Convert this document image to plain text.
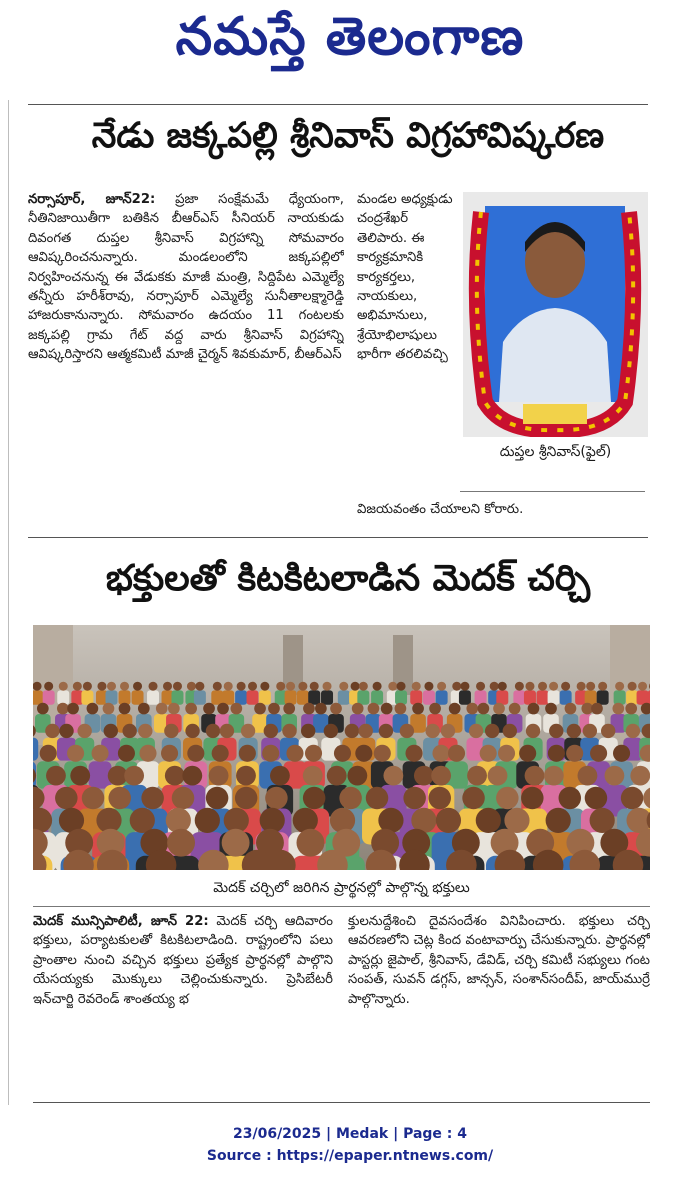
నమస్తే తెలంగాణ
నేడు జక్కపల్లి శ్రీనివాస్ విగ్రహావిష్కరణ
నర్సాపూర్, జూన్22: ప్రజా సంక్షేమమే ధ్యేయంగా, నీతినిజాయితీగా బతికిన బీఆర్ఎస్ సీనియర్ నాయకుడు దివంగత దుప్తల శ్రీనివాస్ విగ్రహాన్ని సోమవారం ఆవిష్కరించనున్నారు. మండలంలోని జక్కపల్లిలో నిర్వహించనున్న ఈ వేడుకకు మాజీ మంత్రి, సిద్దిపేట ఎమ్మెల్యే తన్నీరు హరీశ్‌రావు, నర్సాపూర్ ఎమ్మెల్యే సునీతాలక్ష్మారెడ్డి హాజరుకానున్నారు. సోమవారం ఉదయం 11 గంటలకు జక్కపల్లి గ్రామ గేట్ వద్ద వారు శ్రీనివాస్ విగ్రహాన్ని ఆవిష్కరిస్తారని ఆత్మకమిటీ మాజీ చైర్మన్ శివకుమార్, బీఆర్ఎస్
మండల అధ్యక్షుడు చంద్రశేఖర్ తెలిపారు. ఈ కార్యక్రమానికి కార్యకర్తలు, నాయకులు, అభిమానులు, శ్రేయోభిలాషులు భారీగా తరలివచ్చి
దుప్తల శ్రీనివాస్(ఫైల్)
విజయవంతం చేయాలని కోరారు.
భక్తులతో కిటకిటలాడిన మెదక్ చర్చి
మెదక్ చర్చిలో జరిగిన ప్రార్థనల్లో పాల్గొన్న భక్తులు
మెదక్ మున్సిపాలిటీ, జూన్ 22: మెదక్ చర్చి ఆదివారం భక్తులు, పర్యాటకులతో కిటకిటలాడింది. రాష్ట్రంలోని పలు ప్రాంతాల నుంచి వచ్చిన భక్తులు ప్రత్యేక ప్రార్థనల్లో పాల్గొని యేసయ్యకు మొక్కులు చెల్లించుకున్నారు. ప్రెసిబేటరీ ఇన్‌చార్జి రెవరెండ్ శాంతయ్య భ
క్తులనుద్దేశించి దైవసందేశం వినిపించారు. భక్తులు చర్చి ఆవరణలోని చెట్ల కింద వంటావార్పు చేసుకున్నారు. ప్రార్థనల్లో పాస్టర్లు జైపాల్, శ్రీనివాస్, డేవిడ్, చర్చి కమిటీ సభ్యులు గంట సంపత్, సువన్ డగ్గస్, జాన్సన్, సంశాన్‌సందీప్, జాయ్‌ముర్రే పాల్గొన్నారు.
23/06/2025 | Medak | Page : 4
Source : https://epaper.ntnews.com/
